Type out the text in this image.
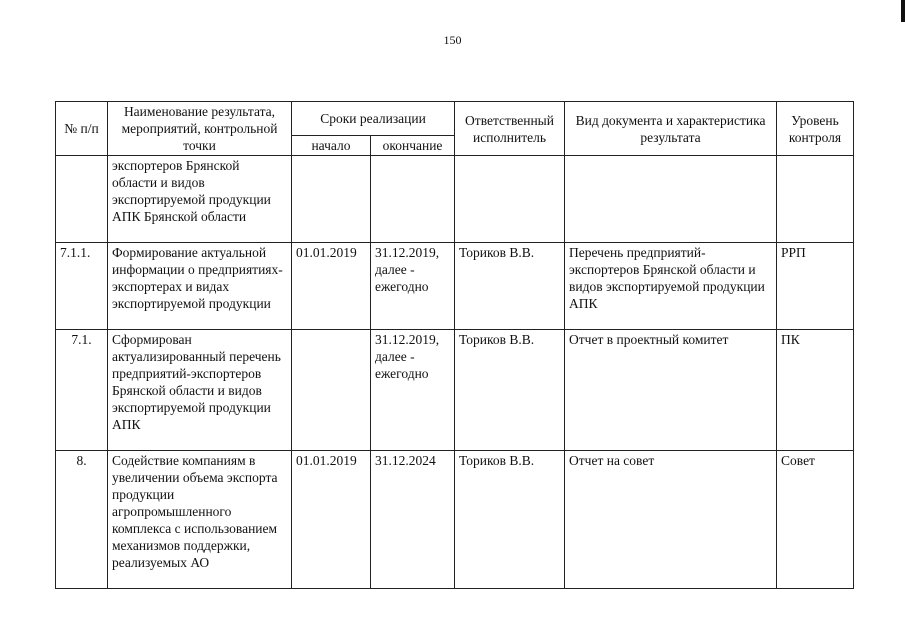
150
№ п/п	Наименование результата, мероприятий, контрольной точки	Сроки реализации		Ответственный исполнитель	Вид документа и характеристика результата	Уровень контроля
		начало	окончание			
	экспортеров Брянской области и видов экспортируемой продукции АПК Брянской области					
7.1.1.	Формирование актуальной информации о предприятиях-экспортерах и видах экспортируемой продукции	01.01.2019	31.12.2019, далее - ежегодно	Ториков В.В.	Перечень предприятий-экспортеров Брянской области и видов экспортируемой продукции АПК	РРП
7.1.	Сформирован актуализированный перечень предприятий-экспортеров Брянской области и видов экспортируемой продукции АПК		31.12.2019, далее - ежегодно	Ториков В.В.	Отчет в проектный комитет	ПК
8.	Содействие компаниям в увеличении объема экспорта продукции агропромышленного комплекса с использованием механизмов поддержки, реализуемых АО	01.01.2019	31.12.2024	Ториков В.В.	Отчет на совет	Совет
